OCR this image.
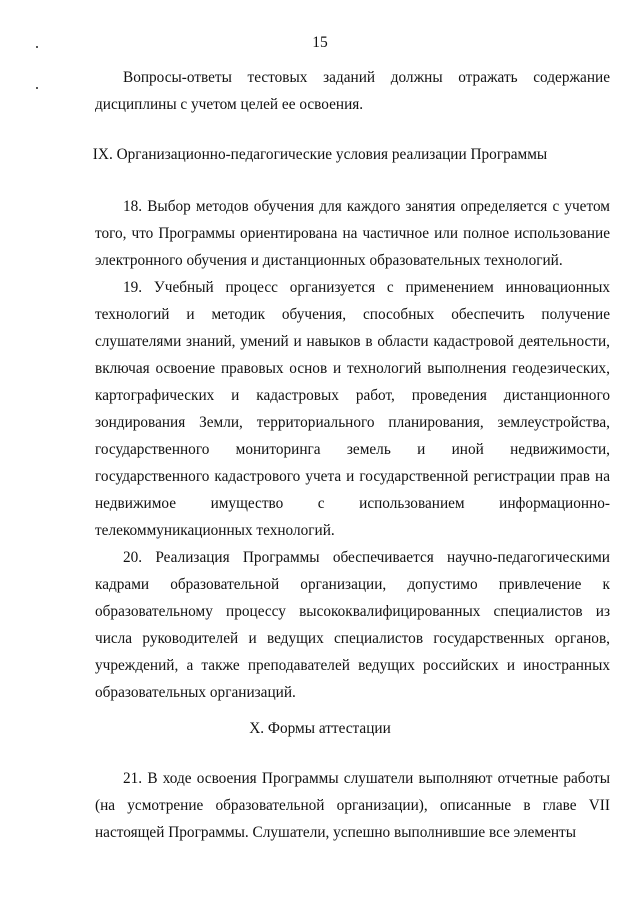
15

Вопросы-ответы тестовых заданий должны отражать содержание дисциплины с учетом целей ее освоения.

IX. Организационно-педагогические условия реализации Программы

18. Выбор методов обучения для каждого занятия определяется с учетом того, что Программы ориентирована на частичное или полное использование электронного обучения и дистанционных образовательных технологий.

19. Учебный процесс организуется с применением инновационных технологий и методик обучения, способных обеспечить получение слушателями знаний, умений и навыков в области кадастровой деятельности, включая освоение правовых основ и технологий выполнения геодезических, картографических и кадастровых работ, проведения дистанционного зондирования Земли, территориального планирования, землеустройства, государственного мониторинга земель и иной недвижимости, государственного кадастрового учета и государственной регистрации прав на недвижимое имущество с использованием информационно-телекоммуникационных технологий.

20. Реализация Программы обеспечивается научно-педагогическими кадрами образовательной организации, допустимо привлечение к образовательному процессу высококвалифицированных специалистов из числа руководителей и ведущих специалистов государственных органов, учреждений, а также преподавателей ведущих российских и иностранных образовательных организаций.

X. Формы аттестации

21. В ходе освоения Программы слушатели выполняют отчетные работы (на усмотрение образовательной организации), описанные в главе VII настоящей Программы. Слушатели, успешно выполнившие все элементы
